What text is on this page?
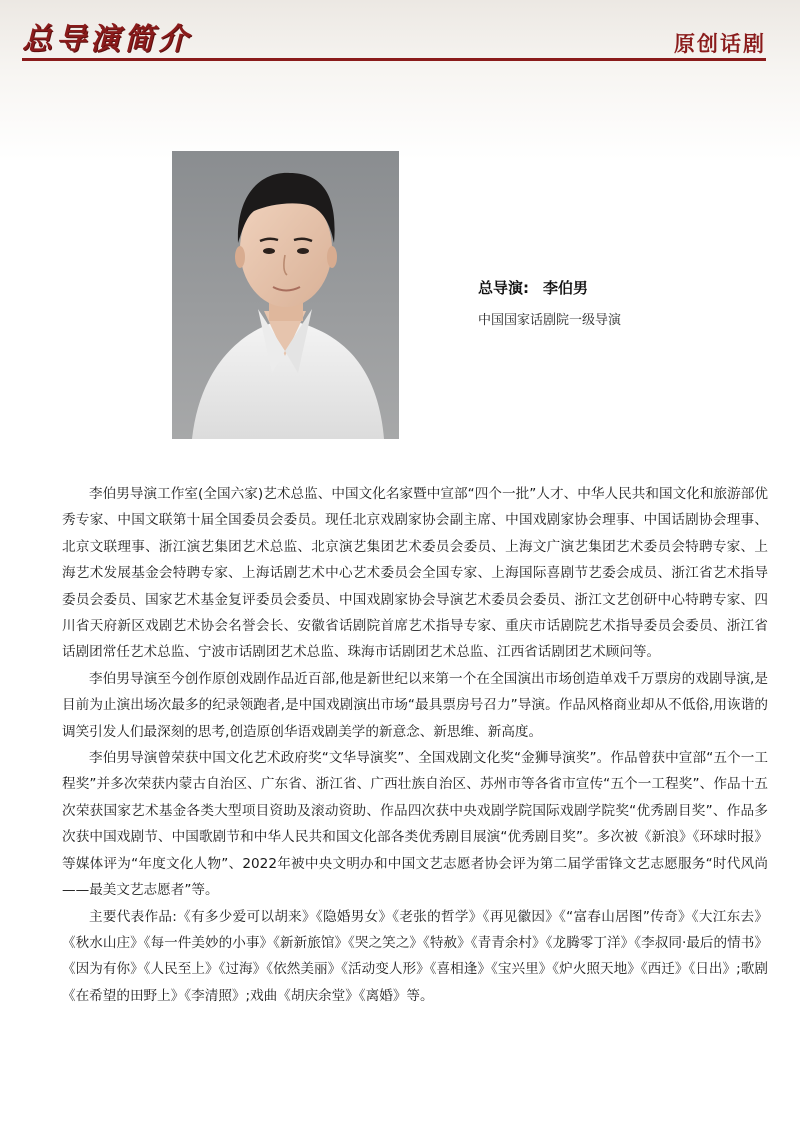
总导演简介	原创话剧
总导演: 李伯男
中国国家话剧院一级导演

李伯男导演工作室(全国六家)艺术总监、中国文化名家暨中宣部“四个一批”人才、中华人民共和国文化和旅游部优秀专家、中国文联第十届全国委员会委员。现任北京戏剧家协会副主席、中国戏剧家协会理事、中国话剧协会理事、北京文联理事、浙江演艺集团艺术总监、北京演艺集团艺术委员会委员、上海文广演艺集团艺术委员会特聘专家、上海艺术发展基金会特聘专家、上海话剧艺术中心艺术委员会全国专家、上海国际喜剧节艺委会成员、浙江省艺术指导委员会委员、国家艺术基金复评委员会委员、中国戏剧家协会导演艺术委员会委员、浙江文艺创研中心特聘专家、四川省天府新区戏剧艺术协会名誉会长、安徽省话剧院首席艺术指导专家、重庆市话剧院艺术指导委员会委员、浙江省话剧团常任艺术总监、宁波市话剧团艺术总监、珠海市话剧团艺术总监、江西省话剧团艺术顾问等。

李伯男导演至今创作原创戏剧作品近百部,他是新世纪以来第一个在全国演出市场创造单戏千万票房的戏剧导演,是目前为止演出场次最多的纪录领跑者,是中国戏剧演出市场“最具票房号召力”导演。作品风格商业却从不低俗,用诙谐的调笑引发人们最深刻的思考,创造原创华语戏剧美学的新意念、新思维、新高度。

李伯男导演曾荣获中国文化艺术政府奖“文华导演奖”、全国戏剧文化奖“金狮导演奖”。作品曾获中宣部“五个一工程奖”并多次荣获内蒙古自治区、广东省、浙江省、广西壮族自治区、苏州市等各省市宣传“五个一工程奖”、作品十五次荣获国家艺术基金各类大型项目资助及滚动资助、作品四次获中央戏剧学院国际戏剧学院奖“优秀剧目奖”、作品多次获中国戏剧节、中国歌剧节和中华人民共和国文化部各类优秀剧目展演“优秀剧目奖”。多次被《新浪》《环球时报》等媒体评为“年度文化人物”、2022年被中央文明办和中国文艺志愿者协会评为第二届学雷锋文艺志愿服务“时代风尚——最美文艺志愿者”等。

主要代表作品:《有多少爱可以胡来》《隐婚男女》《老张的哲学》《再见徽因》《“富春山居图”传奇》《大江东去》《秋水山庄》《每一件美妙的小事》《新新旅馆》《哭之笑之》《特赦》《青青余村》《龙腾零丁洋》《李叔同·最后的情书》《因为有你》《人民至上》《过海》《依然美丽》《活动变人形》《喜相逢》《宝兴里》《炉火照天地》《西迁》《日出》;歌剧《在希望的田野上》《李清照》;戏曲《胡庆余堂》《离婚》等。
